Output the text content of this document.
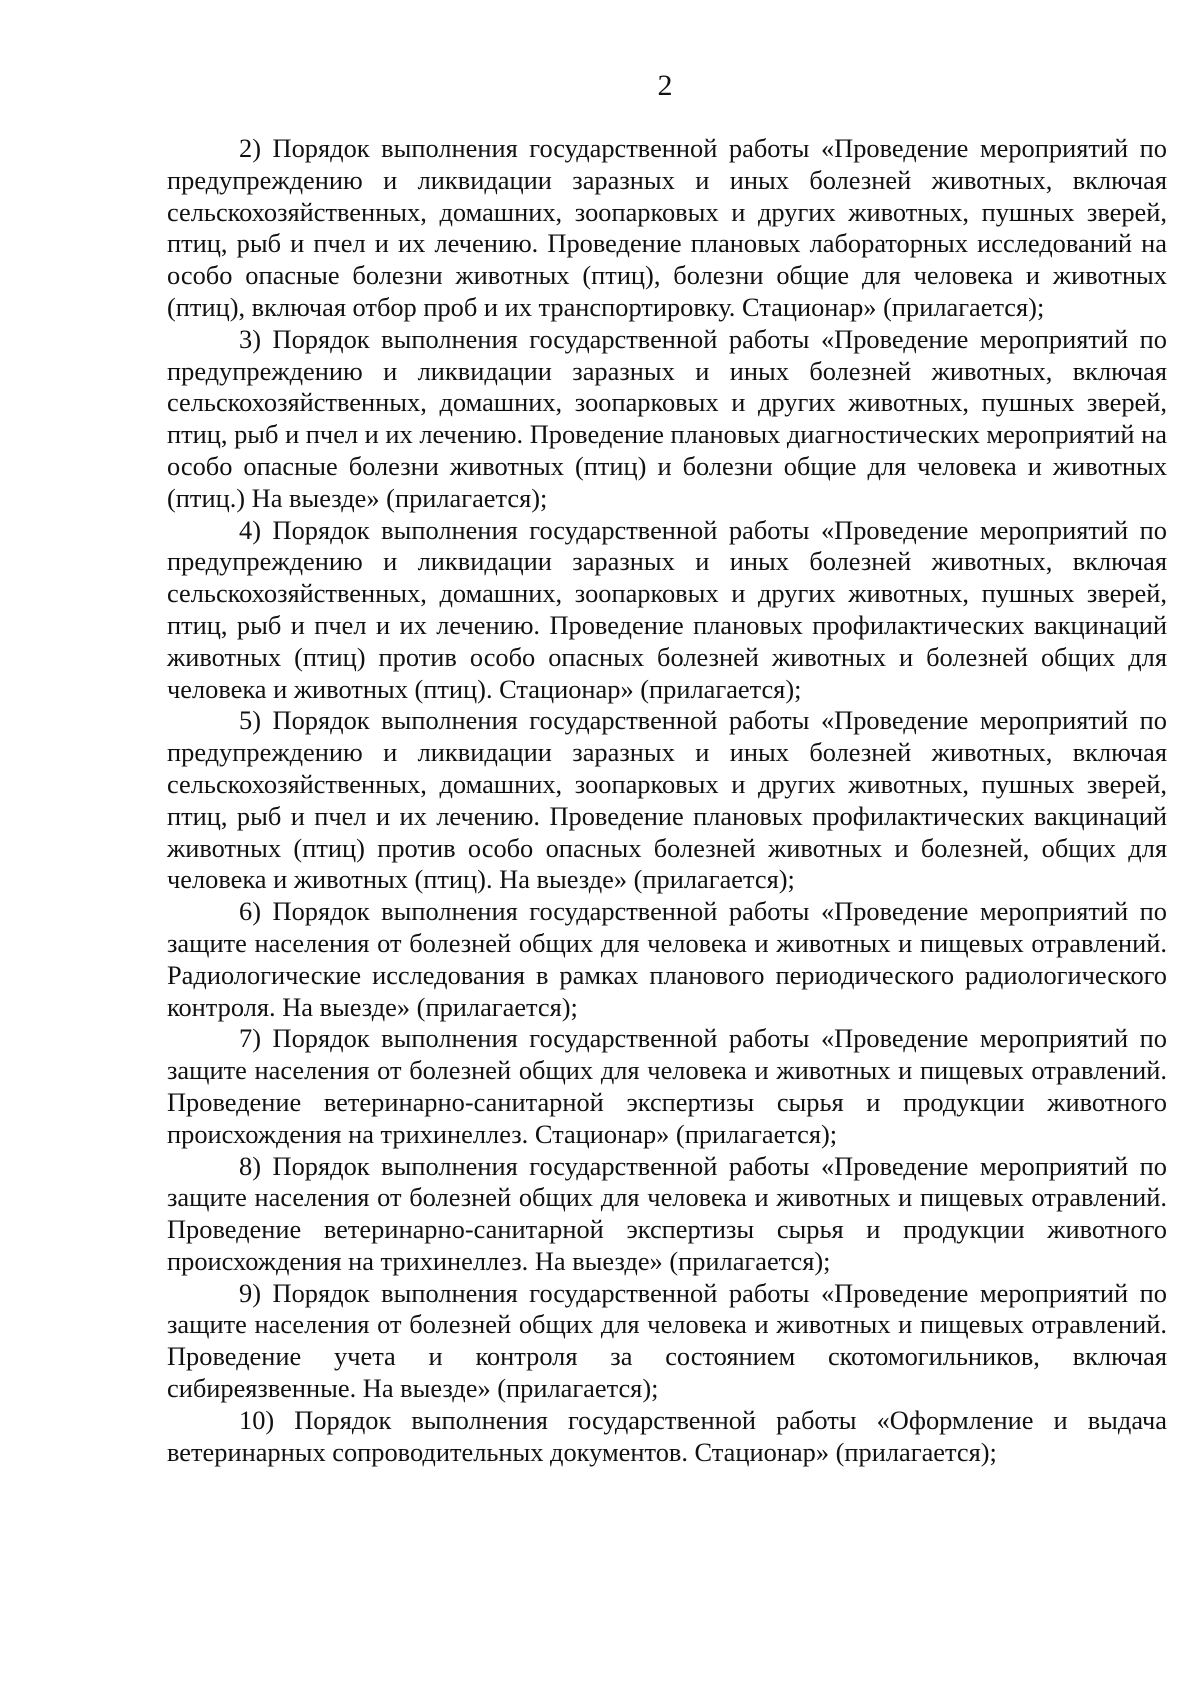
2

2) Порядок выполнения государственной работы «Проведение мероприятий по предупреждению и ликвидации заразных и иных болезней животных, включая сельскохозяйственных, домашних, зоопарковых и других животных, пушных зверей, птиц, рыб и пчел и их лечению. Проведение плановых лабораторных исследований на особо опасные болезни животных (птиц), болезни общие для человека и животных (птиц), включая отбор проб и их транспортировку. Стационар» (прилагается);

3) Порядок выполнения государственной работы «Проведение мероприятий по предупреждению и ликвидации заразных и иных болезней животных, включая сельскохозяйственных, домашних, зоопарковых и других животных, пушных зверей, птиц, рыб и пчел и их лечению. Проведение плановых диагностических мероприятий на особо опасные болезни животных (птиц) и болезни общие для человека и животных (птиц.) На выезде» (прилагается);

4) Порядок выполнения государственной работы «Проведение мероприятий по предупреждению и ликвидации заразных и иных болезней животных, включая сельскохозяйственных, домашних, зоопарковых и других животных, пушных зверей, птиц, рыб и пчел и их лечению. Проведение плановых профилактических вакцинаций животных (птиц) против особо опасных болезней животных и болезней общих для человека и животных (птиц). Стационар» (прилагается);

5) Порядок выполнения государственной работы «Проведение мероприятий по предупреждению и ликвидации заразных и иных болезней животных, включая сельскохозяйственных, домашних, зоопарковых и других животных, пушных зверей, птиц, рыб и пчел и их лечению. Проведение плановых профилактических вакцинаций животных (птиц) против особо опасных болезней животных и болезней, общих для человека и животных (птиц). На выезде» (прилагается);

6) Порядок выполнения государственной работы «Проведение мероприятий по защите населения от болезней общих для человека и животных и пищевых отравлений. Радиологические исследования в рамках планового периодического радиологического контроля. На выезде» (прилагается);

7) Порядок выполнения государственной работы «Проведение мероприятий по защите населения от болезней общих для человека и животных и пищевых отравлений. Проведение ветеринарно-санитарной экспертизы сырья и продукции животного происхождения на трихинеллез. Стационар» (прилагается);

8) Порядок выполнения государственной работы «Проведение мероприятий по защите населения от болезней общих для человека и животных и пищевых отравлений. Проведение ветеринарно-санитарной экспертизы сырья и продукции животного происхождения на трихинеллез. На выезде» (прилагается);

9) Порядок выполнения государственной работы «Проведение мероприятий по защите населения от болезней общих для человека и животных и пищевых отравлений. Проведение учета и контроля за состоянием скотомогильников, включая сибиреязвенные. На выезде» (прилагается);

10) Порядок выполнения государственной работы «Оформление и выдача ветеринарных сопроводительных документов. Стационар» (прилагается);
